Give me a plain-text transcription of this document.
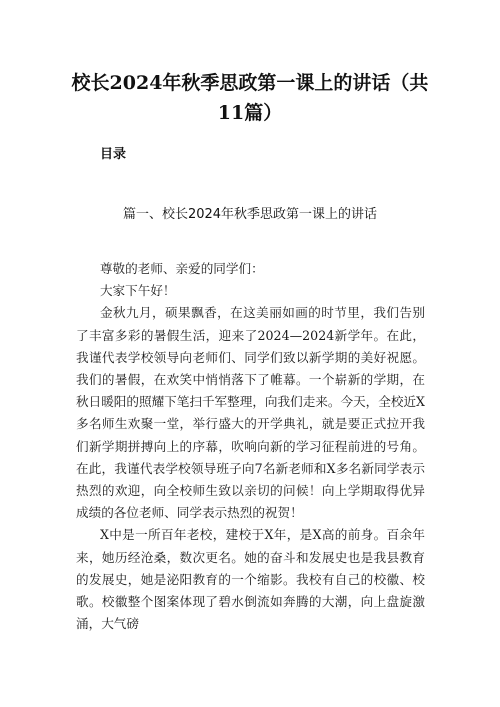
校长2024年秋季思政第一课上的讲话（共11篇）
目录
篇一、校长2024年秋季思政第一课上的讲话

尊敬的老师、亲爱的同学们：

大家下午好！

金秋九月，硕果飘香，在这美丽如画的时节里，我们告别了丰富多彩的暑假生活，迎来了2024—2024新学年。在此，我谨代表学校领导向老师们、同学们致以新学期的美好祝愿。我们的暑假，在欢笑中悄悄落下了帷幕。一个崭新的学期，在秋日暖阳的照耀下笔扫千军整理，向我们走来。今天，全校近X多名师生欢聚一堂，举行盛大的开学典礼，就是要正式拉开我们新学期拼搏向上的序幕，吹响向新的学习征程前进的号角。在此，我谨代表学校领导班子向7名新老师和X多名新同学表示热烈的欢迎，向全校师生致以亲切的问候！向上学期取得优异成绩的各位老师、同学表示热烈的祝贺！

X中是一所百年老校，建校于X年，是X高的前身。百余年来，她历经沧桑，数次更名。她的奋斗和发展史也是我县教育的发展史，她是泌阳教育的一个缩影。我校有自己的校徽、校歌。校徽整个图案体现了碧水倒流如奔腾的大潮，向上盘旋激涌，大气磅
